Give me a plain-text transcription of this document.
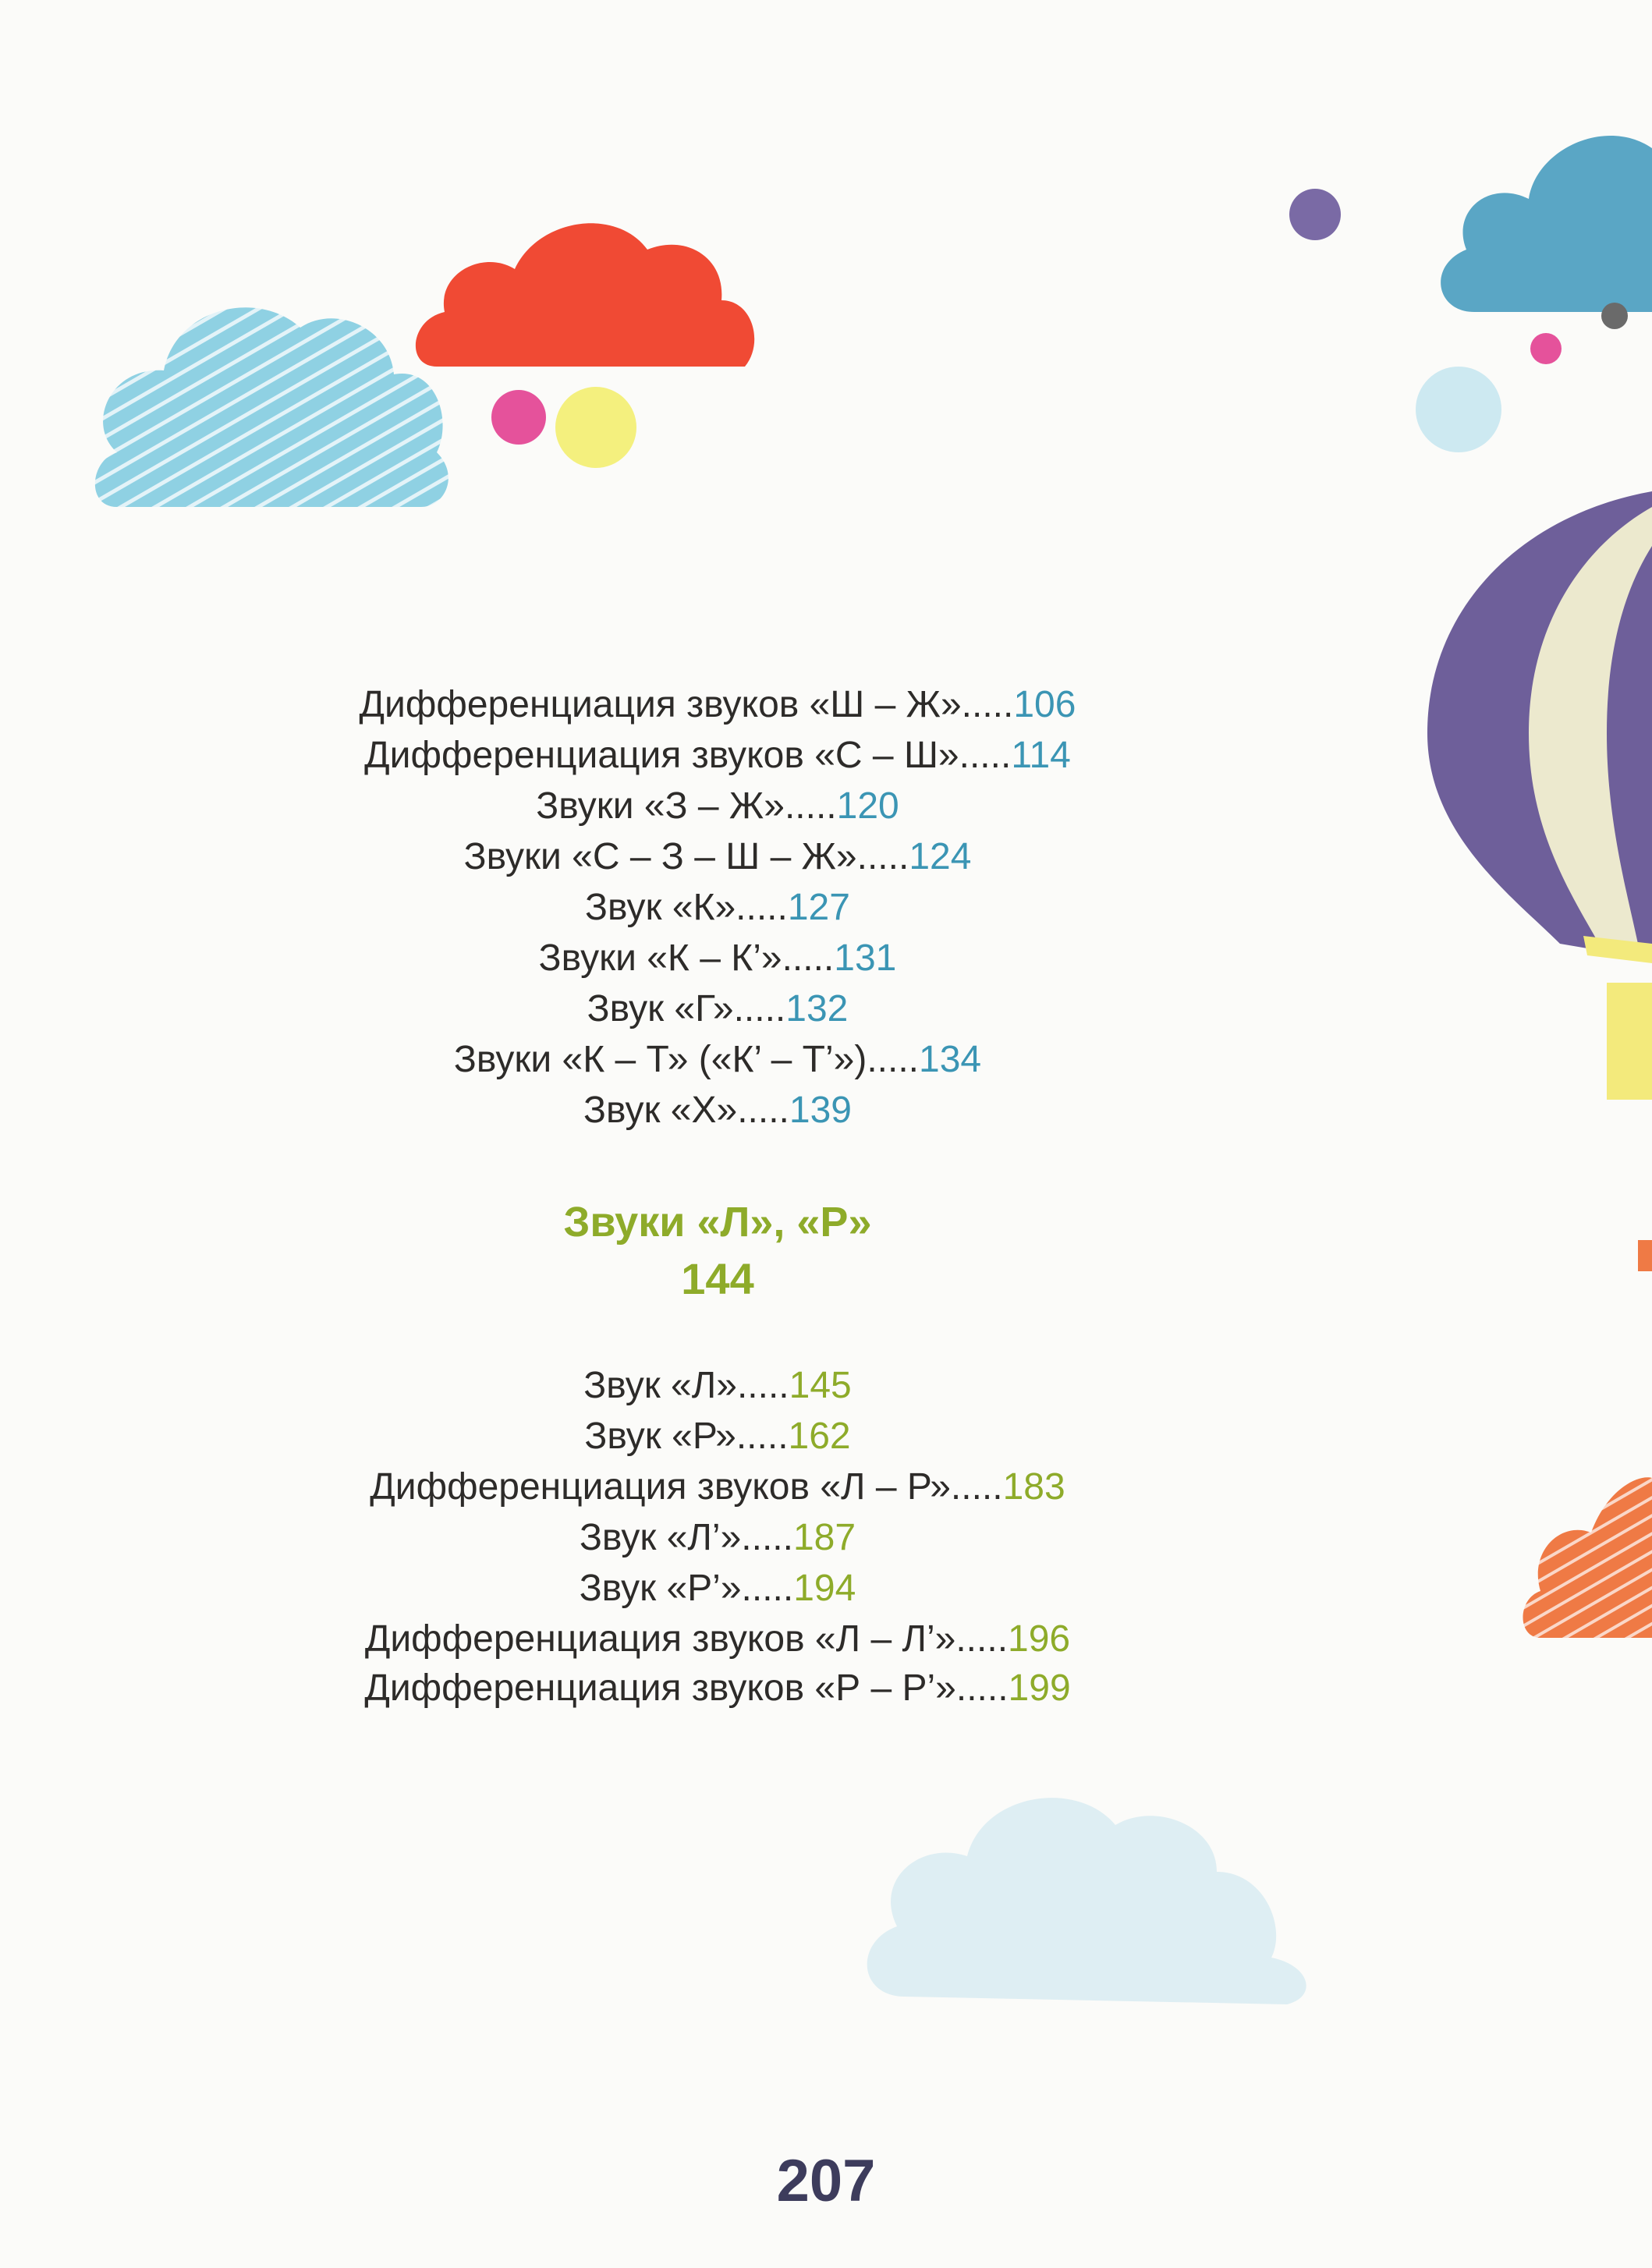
Дифференциация звуков «Ш – Ж».....106
Дифференциация звуков «С – Ш».....114
Звуки «З – Ж».....120
Звуки «С – З – Ш – Ж».....124
Звук «К».....127
Звуки «К – К’».....131
Звук «Г».....132
Звуки «К – Т» («К’ – Т’»).....134
Звук «Х».....139
Звуки «Л», «Р»
144
Звук «Л».....145
Звук «Р».....162
Дифференциация звуков «Л – Р».....183
Звук «Л’».....187
Звук «Р’».....194
Дифференциация звуков «Л – Л’».....196
Дифференциация звуков «Р – Р’».....199
207
